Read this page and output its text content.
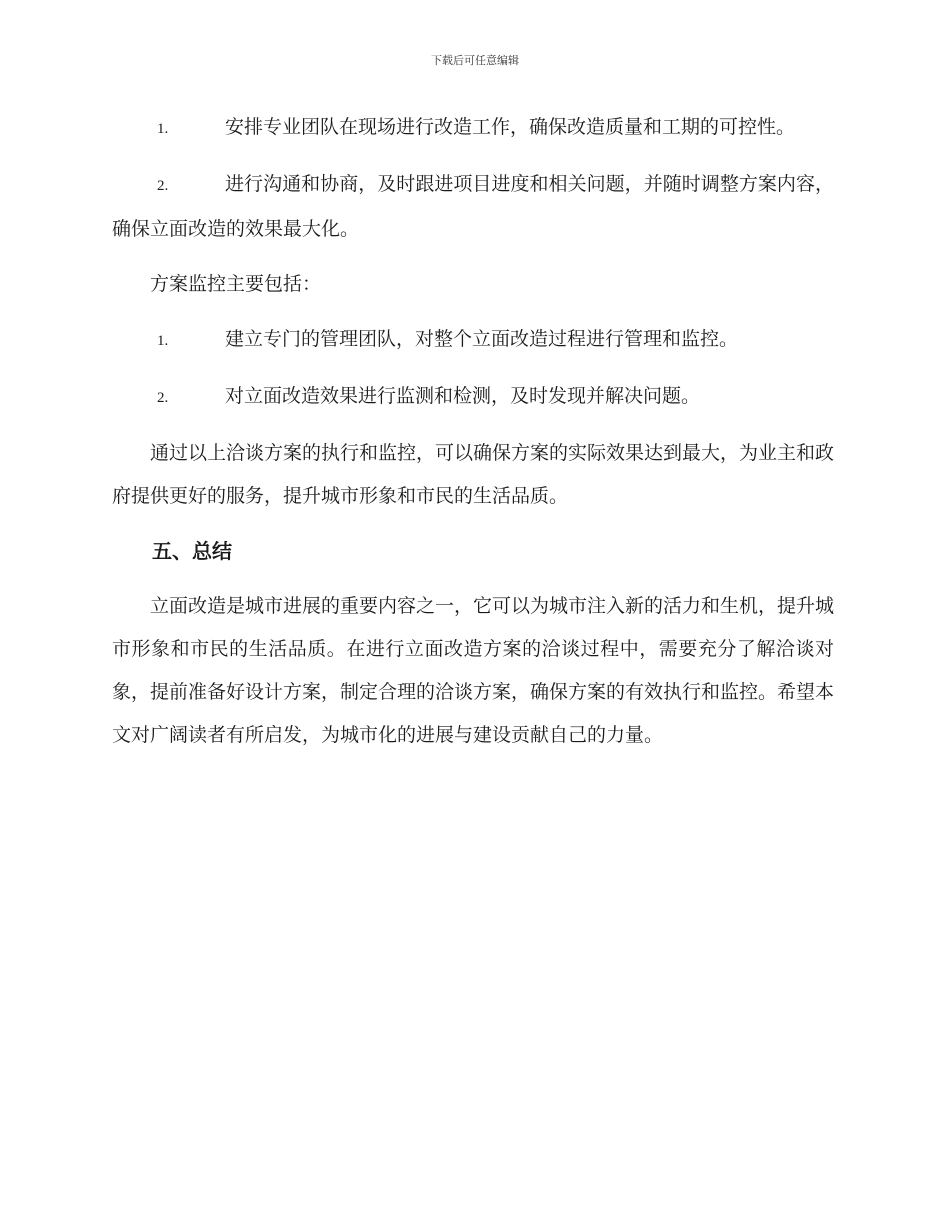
下载后可任意编辑

1.	安排专业团队在现场进行改造工作，确保改造质量和工期的可控性。

2.	进行沟通和协商，及时跟进项目进度和相关问题，并随时调整方案内容，确保立面改造的效果最大化。

方案监控主要包括：

1.	建立专门的管理团队，对整个立面改造过程进行管理和监控。

2.	对立面改造效果进行监测和检测，及时发现并解决问题。

通过以上洽谈方案的执行和监控，可以确保方案的实际效果达到最大，为业主和政府提供更好的服务，提升城市形象和市民的生活品质。

五、总结

立面改造是城市进展的重要内容之一，它可以为城市注入新的活力和生机，提升城市形象和市民的生活品质。在进行立面改造方案的洽谈过程中，需要充分了解洽谈对象，提前准备好设计方案，制定合理的洽谈方案，确保方案的有效执行和监控。希望本文对广阔读者有所启发，为城市化的进展与建设贡献自己的力量。
